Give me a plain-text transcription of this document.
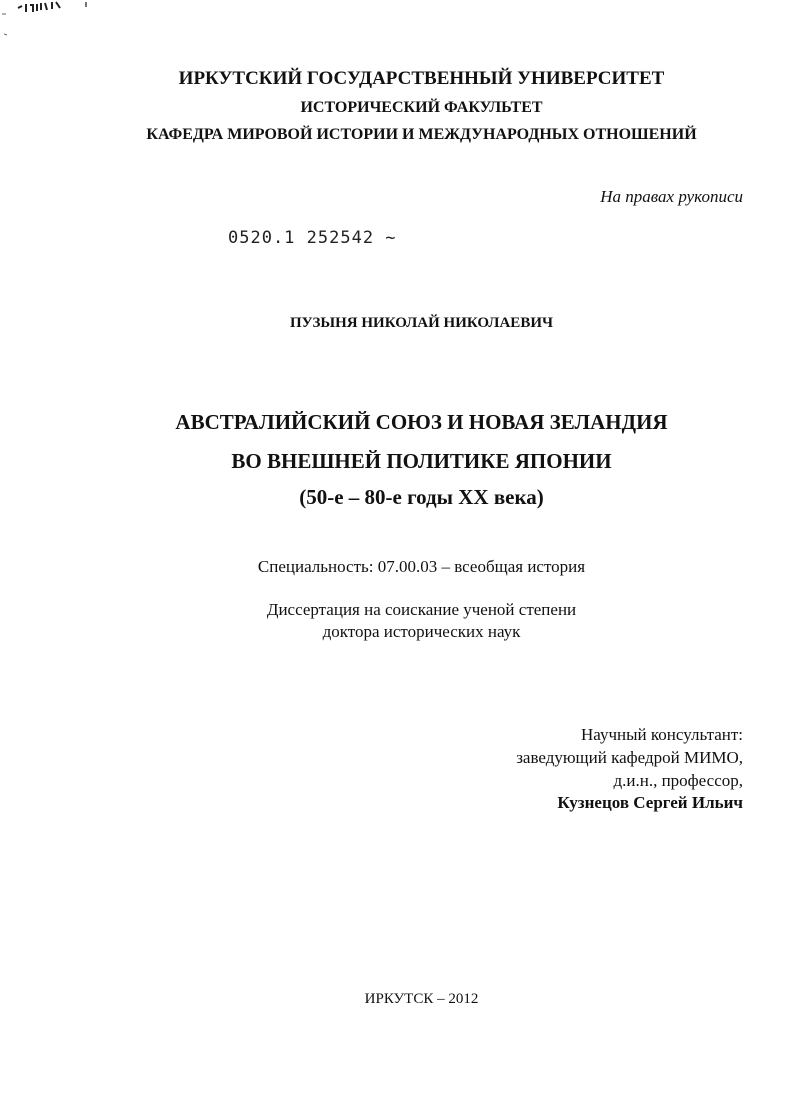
ИРКУТСКИЙ ГОСУДАРСТВЕННЫЙ УНИВЕРСИТЕТ
ИСТОРИЧЕСКИЙ ФАКУЛЬТЕТ
КАФЕДРА МИРОВОЙ ИСТОРИИ И МЕЖДУНАРОДНЫХ ОТНОШЕНИЙ
На правах рукописи
0520.1 252542 ~
ПУЗЫНЯ НИКОЛАЙ НИКОЛАЕВИЧ
АВСТРАЛИЙСКИЙ СОЮЗ И НОВАЯ ЗЕЛАНДИЯ
ВО ВНЕШНЕЙ ПОЛИТИКЕ ЯПОНИИ
(50-е – 80-е годы XX века)
Специальность: 07.00.03 – всеобщая история
Диссертация на соискание ученой степени
доктора исторических наук
Научный консультант:
заведующий кафедрой МИМО,
д.и.н., профессор,
Кузнецов Сергей Ильич
ИРКУТСК – 2012
